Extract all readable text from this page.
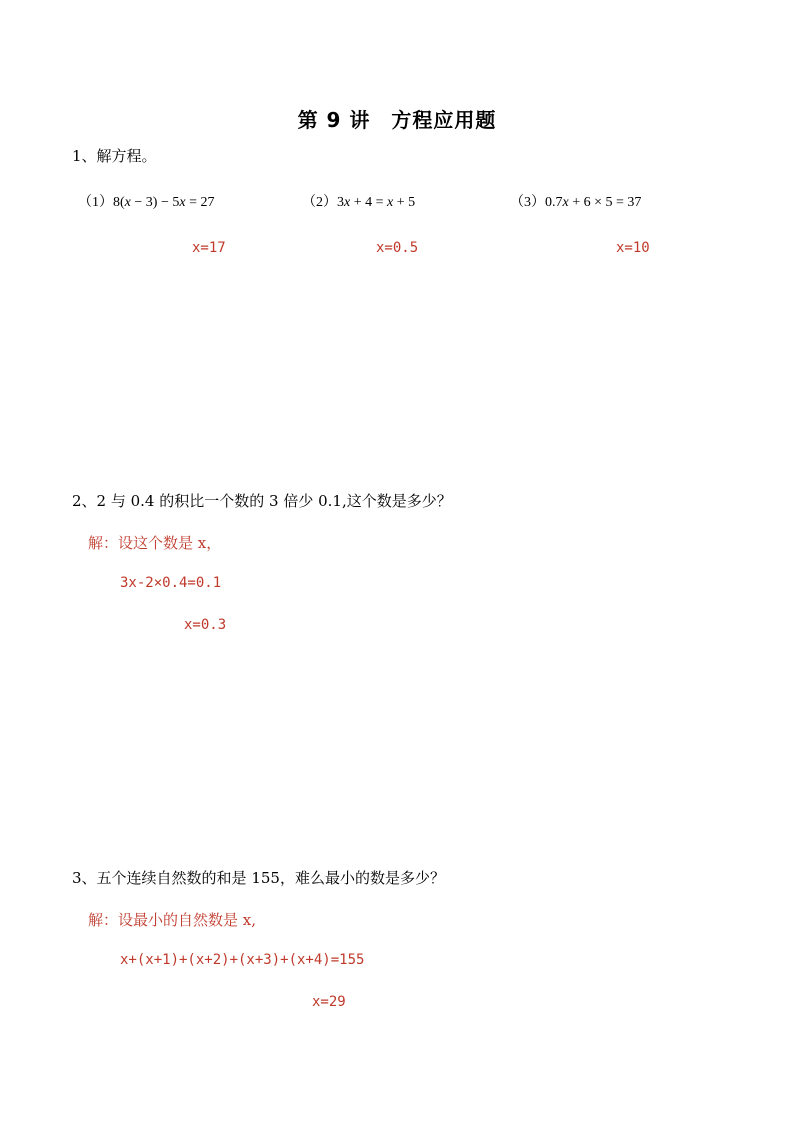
第 9 讲　方程应用题
1、解方程。
（1）8(x − 3) − 5x = 27	（2）3x + 4 = x + 5	（3）0.7x + 6 × 5 = 37
x=17	x=0.5	x=10
2、2 与 0.4 的积比一个数的 3 倍少 0.1,这个数是多少？
解：设这个数是 x，
3x-2×0.4=0.1
x=0.3
3、五个连续自然数的和是 155，难么最小的数是多少？
解：设最小的自然数是 x,
x+(x+1)+(x+2)+(x+3)+(x+4)=155
x=29
